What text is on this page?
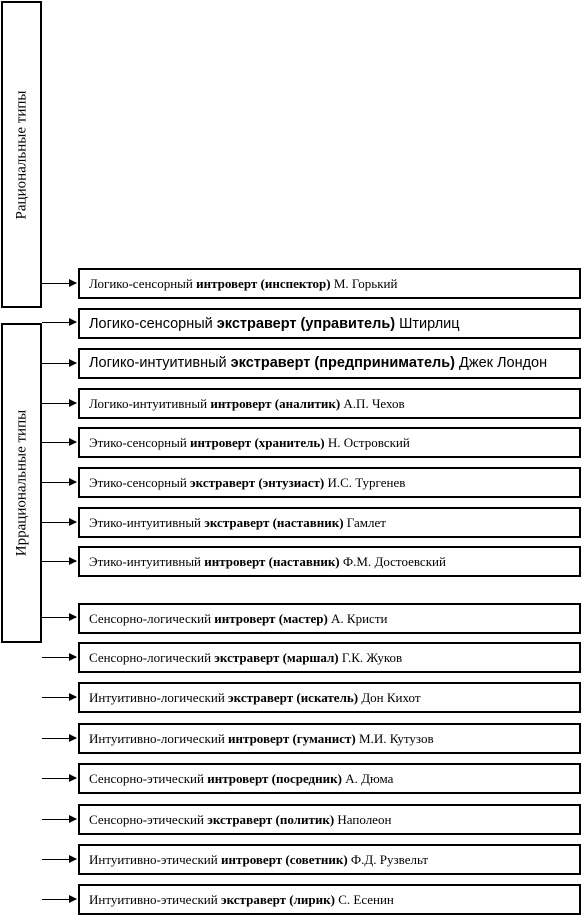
Рациональные типы
Иррациональные типы
Логико-сенсорный интроверт (инспектор) М. Горький
Логико-сенсорный экстраверт (управитель) Штирлиц
Логико-интуитивный экстраверт (предприниматель) Джек Лондон
Логико-интуитивный интроверт (аналитик) А.П. Чехов
Этико-сенсорный интроверт (хранитель) Н. Островский
Этико-сенсорный экстраверт (энтузиаст) И.С. Тургенев
Этико-интуитивный экстраверт (наставник) Гамлет
Этико-интуитивный интроверт (наставник) Ф.М. Достоевский
Сенсорно-логический интроверт (мастер) А. Кристи
Сенсорно-логический экстраверт (маршал) Г.К. Жуков
Интуитивно-логический экстраверт (искатель) Дон Кихот
Интуитивно-логический интроверт (гуманист) М.И. Кутузов
Сенсорно-этический интроверт (посредник) А. Дюма
Сенсорно-этический экстраверт (политик) Наполеон
Интуитивно-этический интроверт (советник) Ф.Д. Рузвельт
Интуитивно-этический экстраверт (лирик) С. Есенин
